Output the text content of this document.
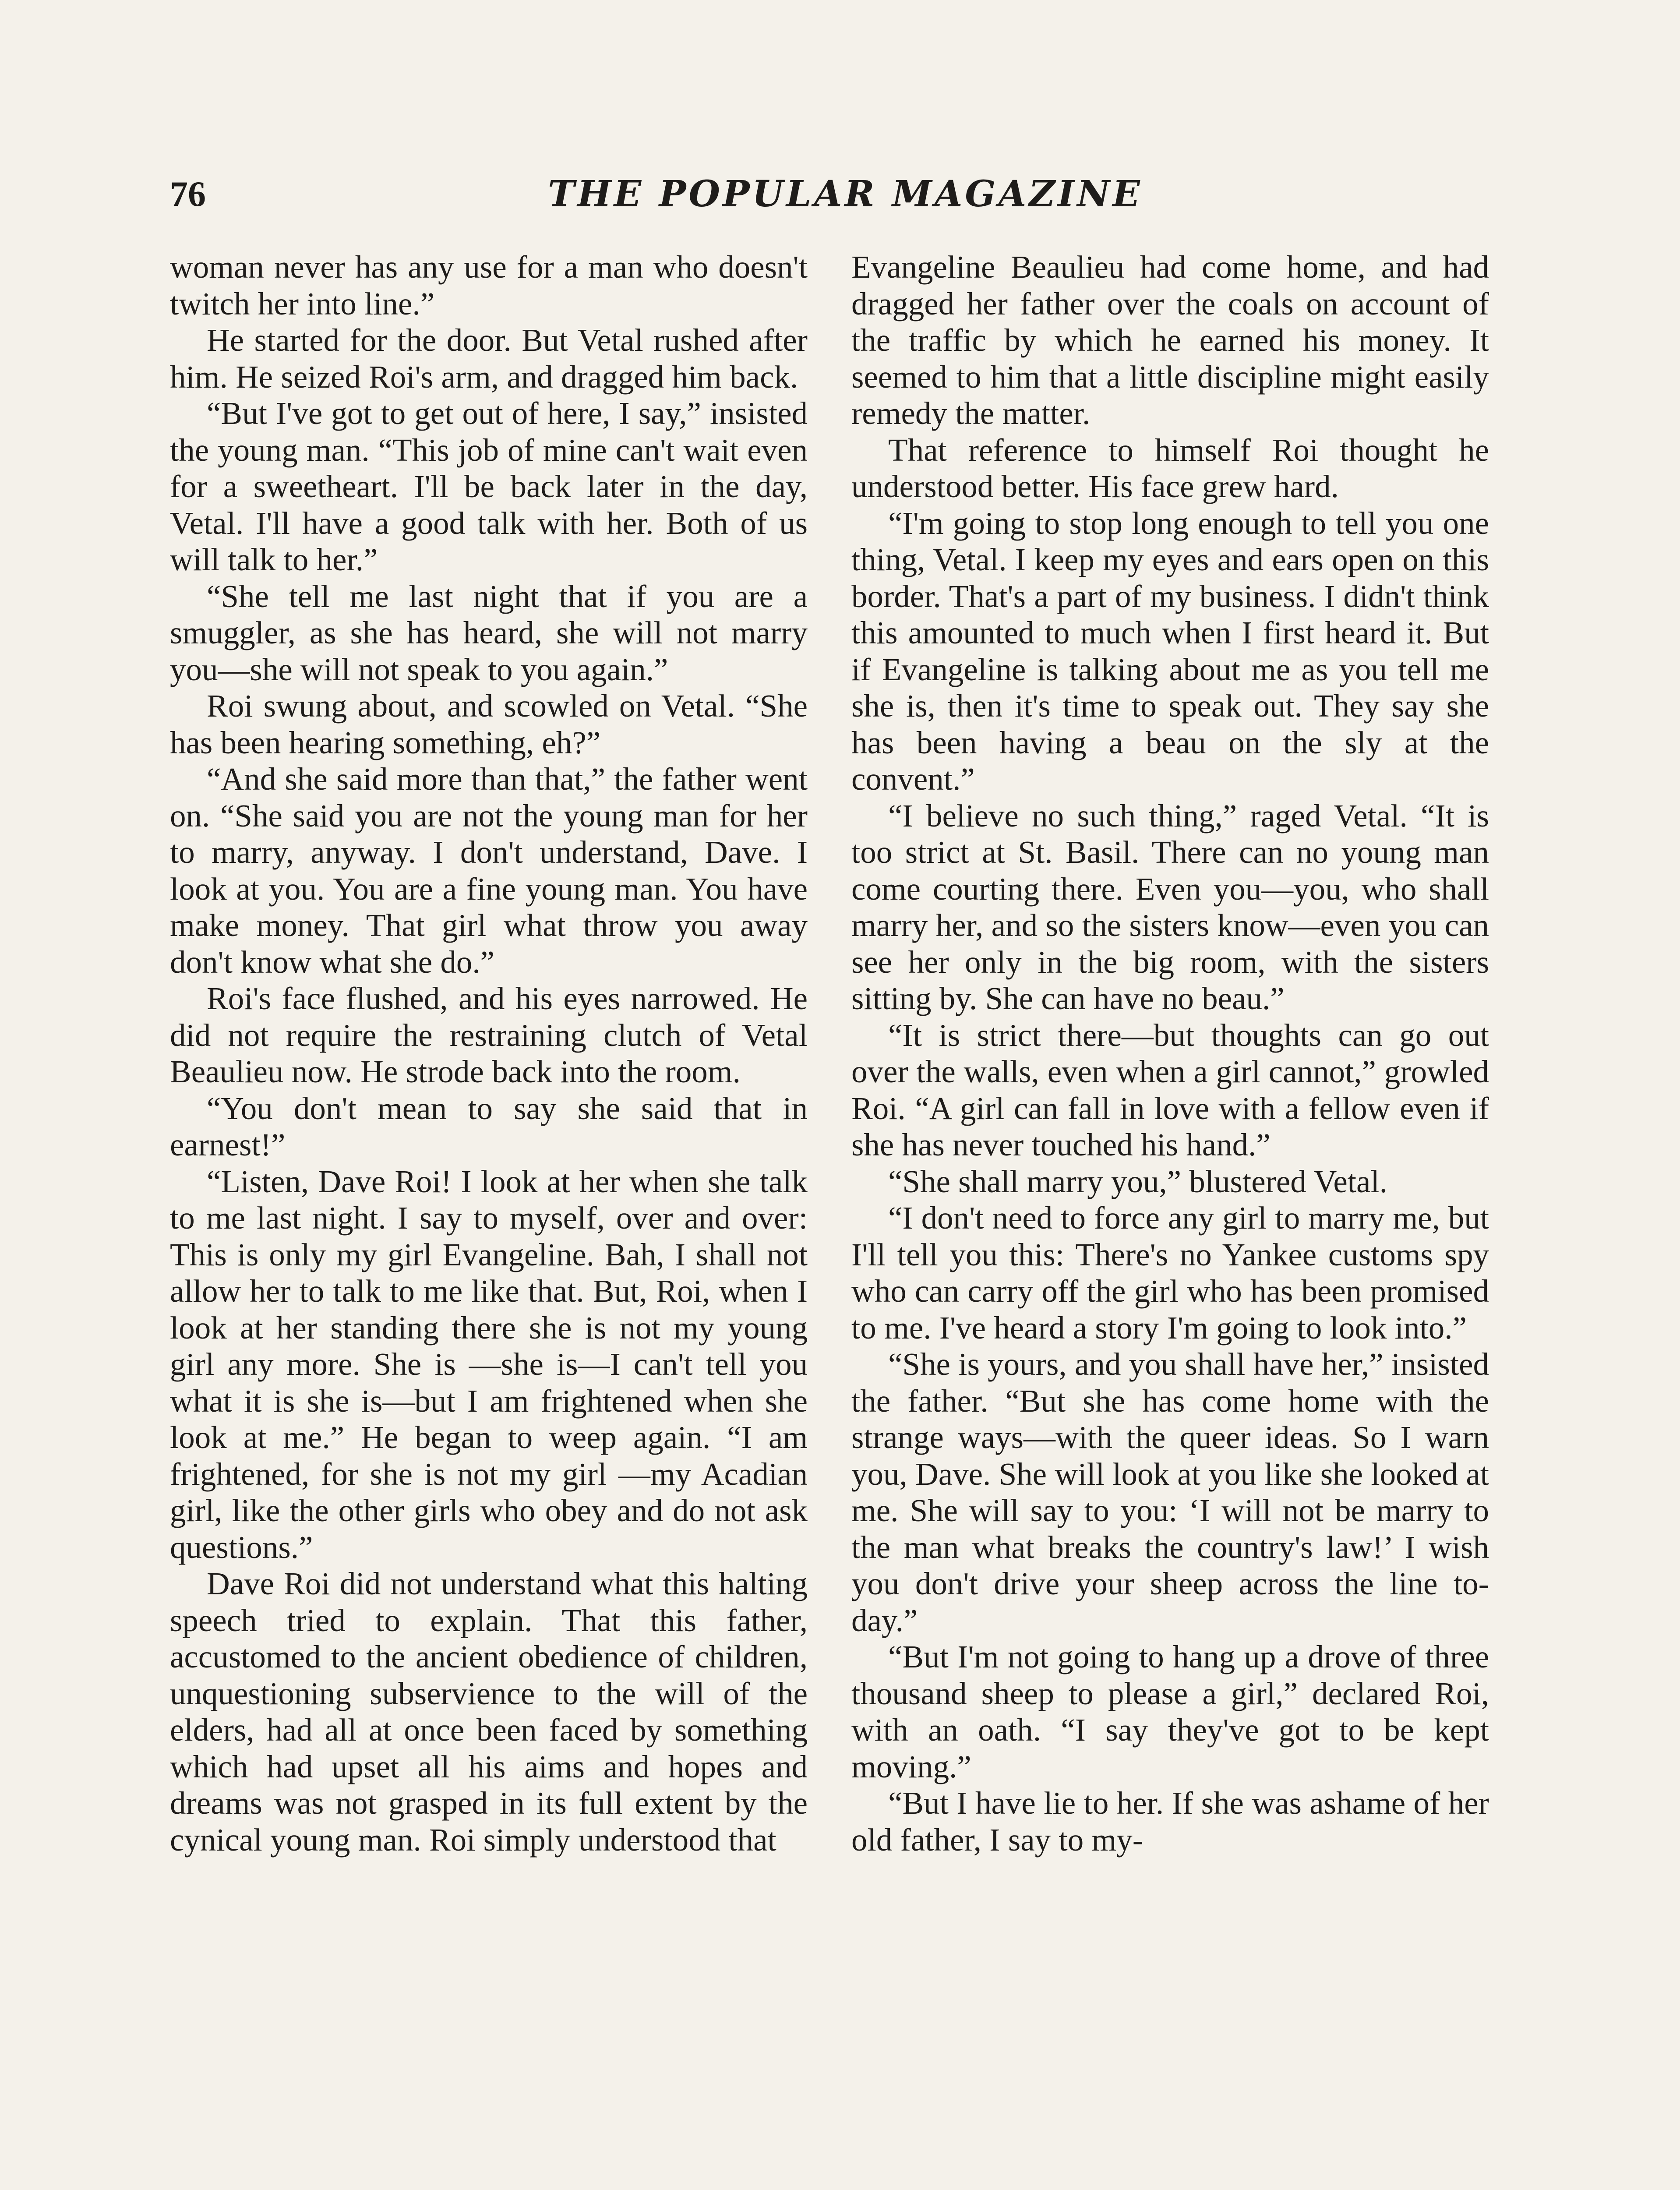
76	THE POPULAR MAGAZINE

woman never has any use for a man who doesn't twitch her into line.”

He started for the door. But Vetal rushed after him. He seized Roi's arm, and dragged him back.

“But I've got to get out of here, I say,” insisted the young man. “This job of mine can't wait even for a sweetheart. I'll be back later in the day, Vetal. I'll have a good talk with her. Both of us will talk to her.”

“She tell me last night that if you are a smuggler, as she has heard, she will not marry you—she will not speak to you again.”

Roi swung about, and scowled on Vetal. “She has been hearing something, eh?”

“And she said more than that,” the father went on. “She said you are not the young man for her to marry, anyway. I don't understand, Dave. I look at you. You are a fine young man. You have make money. That girl what throw you away don't know what she do.”

Roi's face flushed, and his eyes narrowed. He did not require the restraining clutch of Vetal Beaulieu now. He strode back into the room.

“You don't mean to say she said that in earnest!”

“Listen, Dave Roi! I look at her when she talk to me last night. I say to myself, over and over: This is only my girl Evangeline. Bah, I shall not allow her to talk to me like that. But, Roi, when I look at her standing there she is not my young girl any more. She is —she is—I can't tell you what it is she is—but I am frightened when she look at me.” He began to weep again. “I am frightened, for she is not my girl —my Acadian girl, like the other girls who obey and do not ask questions.”

Dave Roi did not understand what this halting speech tried to explain. That this father, accustomed to the ancient obedience of children, unquestioning subservience to the will of the elders, had all at once been faced by something which had upset all his aims and hopes and dreams was not grasped in its full extent by the cynical young man. Roi simply understood that

Evangeline Beaulieu had come home, and had dragged her father over the coals on account of the traffic by which he earned his money. It seemed to him that a little discipline might easily remedy the matter.

That reference to himself Roi thought he understood better. His face grew hard.

“I'm going to stop long enough to tell you one thing, Vetal. I keep my eyes and ears open on this border. That's a part of my business. I didn't think this amounted to much when I first heard it. But if Evangeline is talking about me as you tell me she is, then it's time to speak out. They say she has been having a beau on the sly at the convent.”

“I believe no such thing,” raged Vetal. “It is too strict at St. Basil. There can no young man come courting there. Even you—you, who shall marry her, and so the sisters know—even you can see her only in the big room, with the sisters sitting by. She can have no beau.”

“It is strict there—but thoughts can go out over the walls, even when a girl cannot,” growled Roi. “A girl can fall in love with a fellow even if she has never touched his hand.”

“She shall marry you,” blustered Vetal.

“I don't need to force any girl to marry me, but I'll tell you this: There's no Yankee customs spy who can carry off the girl who has been promised to me. I've heard a story I'm going to look into.”

“She is yours, and you shall have her,” insisted the father. “But she has come home with the strange ways—with the queer ideas. So I warn you, Dave. She will look at you like she looked at me. She will say to you: ‘I will not be marry to the man what breaks the country's law!’ I wish you don't drive your sheep across the line to-day.”

“But I'm not going to hang up a drove of three thousand sheep to please a girl,” declared Roi, with an oath. “I say they've got to be kept moving.”

“But I have lie to her. If she was ashame of her old father, I say to my-
